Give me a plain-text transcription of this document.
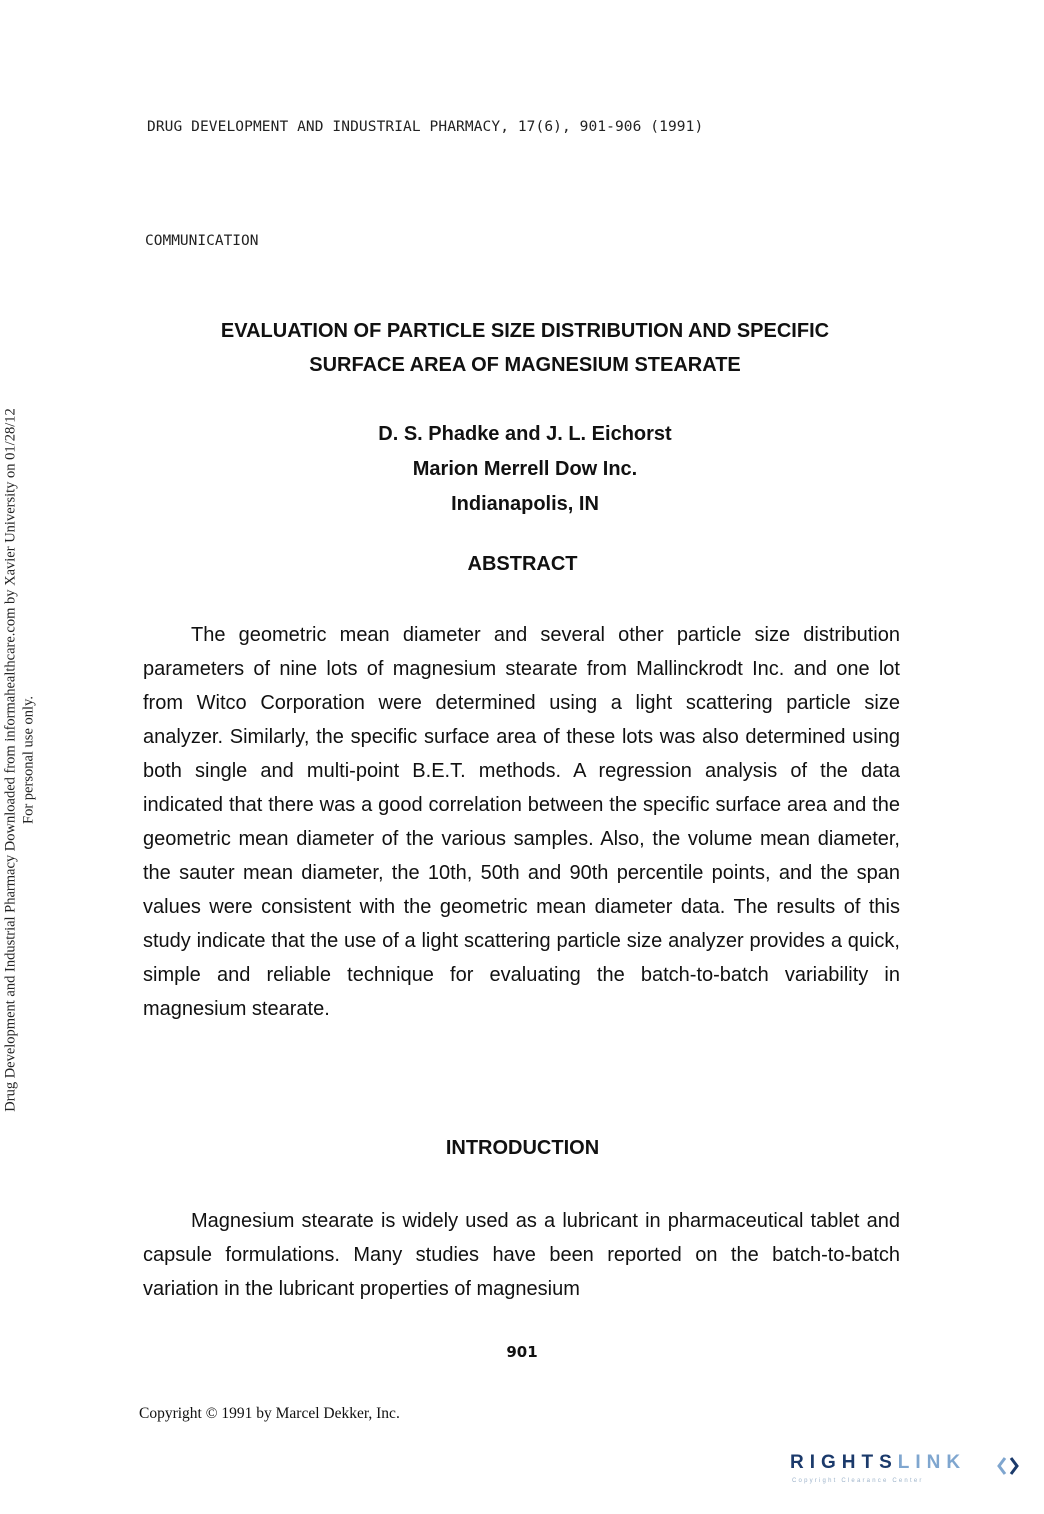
Drug Development and Industrial Pharmacy Downloaded from informahealthcare.com by Xavier University on 01/28/12 For personal use only.
DRUG DEVELOPMENT AND INDUSTRIAL PHARMACY, 17(6), 901-906 (1991)
COMMUNICATION
EVALUATION OF PARTICLE SIZE DISTRIBUTION AND SPECIFIC
SURFACE AREA OF MAGNESIUM STEARATE
D. S. Phadke and J. L. Eichorst
Marion Merrell Dow Inc.
Indianapolis, IN
ABSTRACT
The geometric mean diameter and several other particle size distribution parameters of nine lots of magnesium stearate from Mallinckrodt Inc. and one lot from Witco Corporation were determined using a light scattering particle size analyzer. Similarly, the specific surface area of these lots was also determined using both single and multi-point B.E.T. methods. A regression analysis of the data indicated that there was a good correlation between the specific surface area and the geometric mean diameter of the various samples. Also, the volume mean diameter, the sauter mean diameter, the 10th, 50th and 90th percentile points, and the span values were consistent with the geometric mean diameter data. The results of this study indicate that the use of a light scattering particle size analyzer provides a quick, simple and reliable technique for evaluating the batch-to-batch variability in magnesium stearate.
INTRODUCTION
Magnesium stearate is widely used as a lubricant in pharmaceutical tablet and capsule formulations. Many studies have been reported on the batch-to-batch variation in the lubricant properties of magnesium
901
Copyright © 1991 by Marcel Dekker, Inc.
RIGHTSLINK
Copyright Clearance Center
